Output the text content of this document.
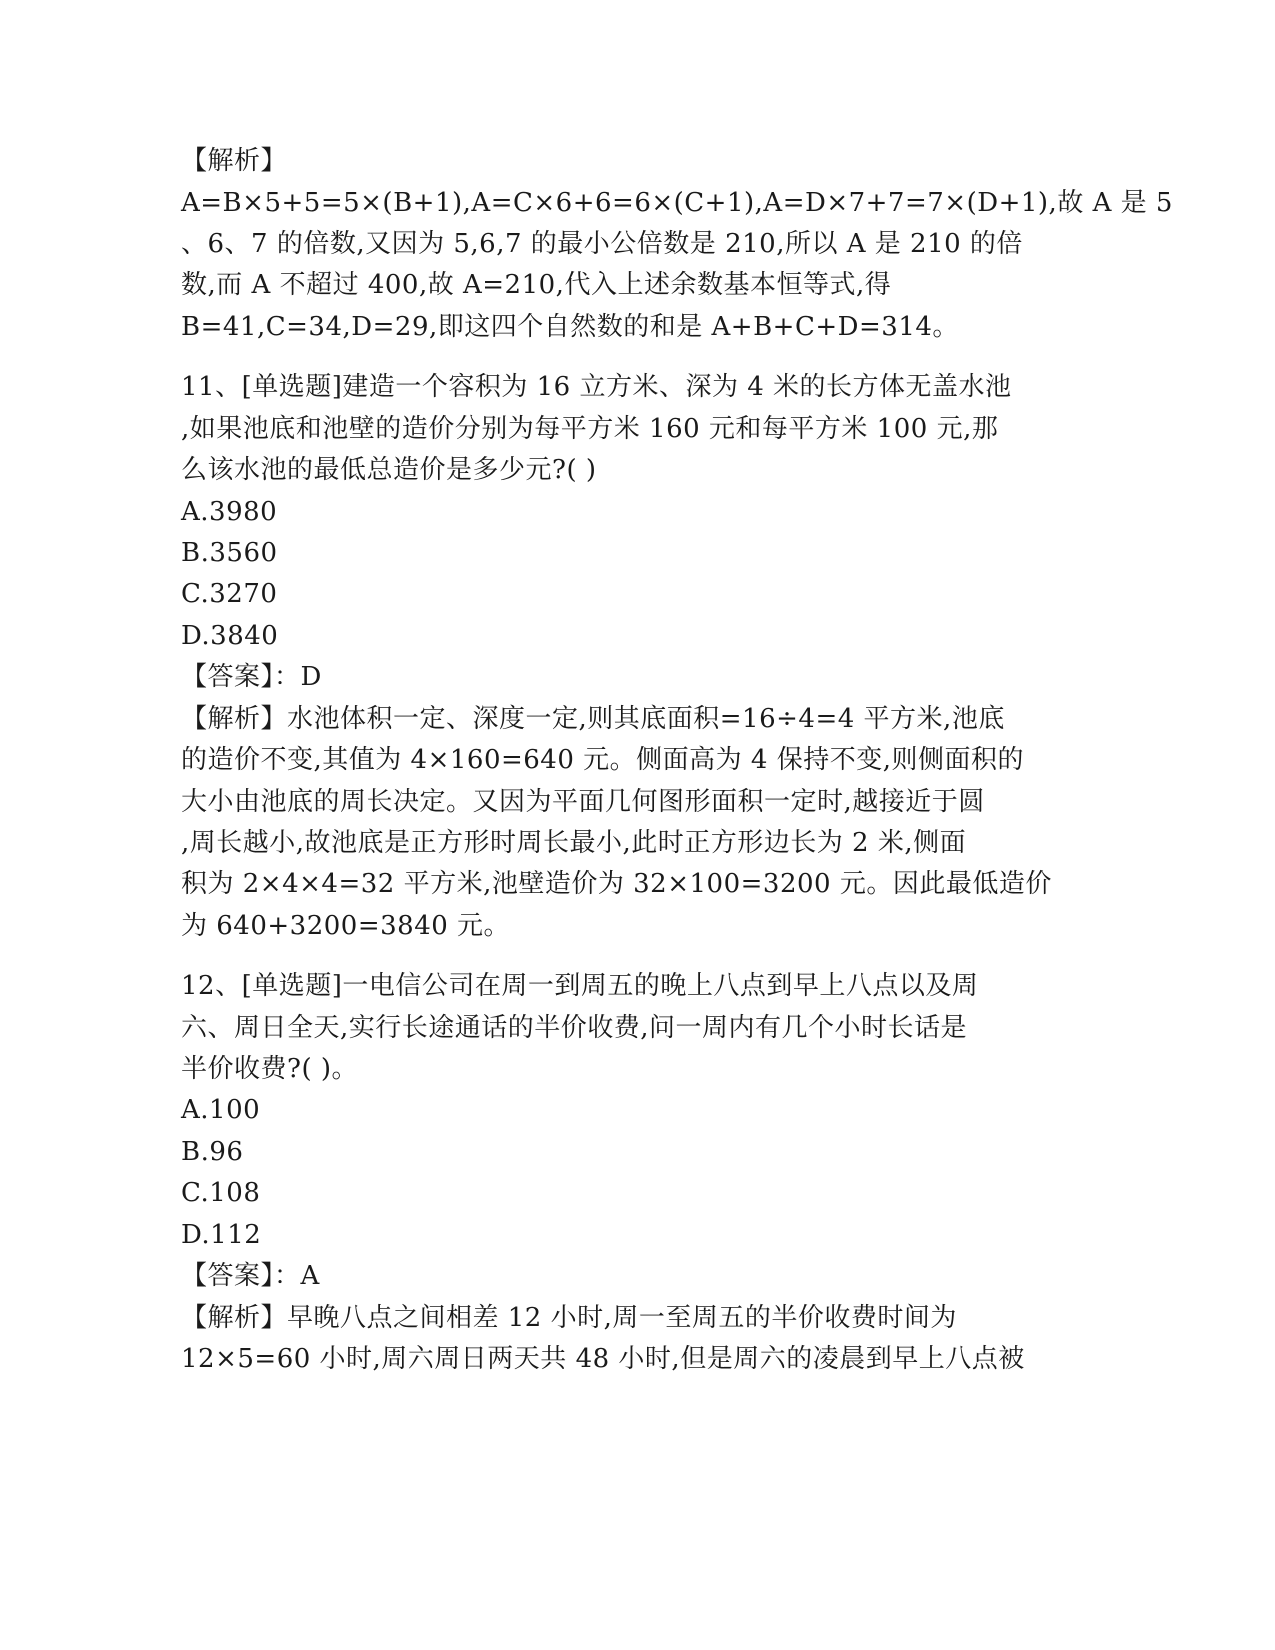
【解析】
A=B×5+5=5×(B+1),A=C×6+6=6×(C+1),A=D×7+7=7×(D+1),故 A 是 5
、6、7 的倍数,又因为 5,6,7 的最小公倍数是 210,所以 A 是 210 的倍
数,而 A 不超过 400,故 A=210,代入上述余数基本恒等式,得
B=41,C=34,D=29,即这四个自然数的和是 A+B+C+D=314。
11、[单选题]建造一个容积为 16 立方米、深为 4 米的长方体无盖水池
,如果池底和池壁的造价分别为每平方米 160 元和每平方米 100 元,那
么该水池的最低总造价是多少元?( )
A.3980
B.3560
C.3270
D.3840
【答案】：D
【解析】水池体积一定、深度一定,则其底面积=16÷4=4 平方米,池底
的造价不变,其值为 4×160=640 元。侧面高为 4 保持不变,则侧面积的
大小由池底的周长决定。又因为平面几何图形面积一定时,越接近于圆
,周长越小,故池底是正方形时周长最小,此时正方形边长为 2 米,侧面
积为 2×4×4=32 平方米,池壁造价为 32×100=3200 元。因此最低造价
为 640+3200=3840 元。
12、[单选题]一电信公司在周一到周五的晚上八点到早上八点以及周
六、周日全天,实行长途通话的半价收费,问一周内有几个小时长话是
半价收费?( )。
A.100
B.96
C.108
D.112
【答案】：A
【解析】早晚八点之间相差 12 小时,周一至周五的半价收费时间为
12×5=60 小时,周六周日两天共 48 小时,但是周六的凌晨到早上八点被
